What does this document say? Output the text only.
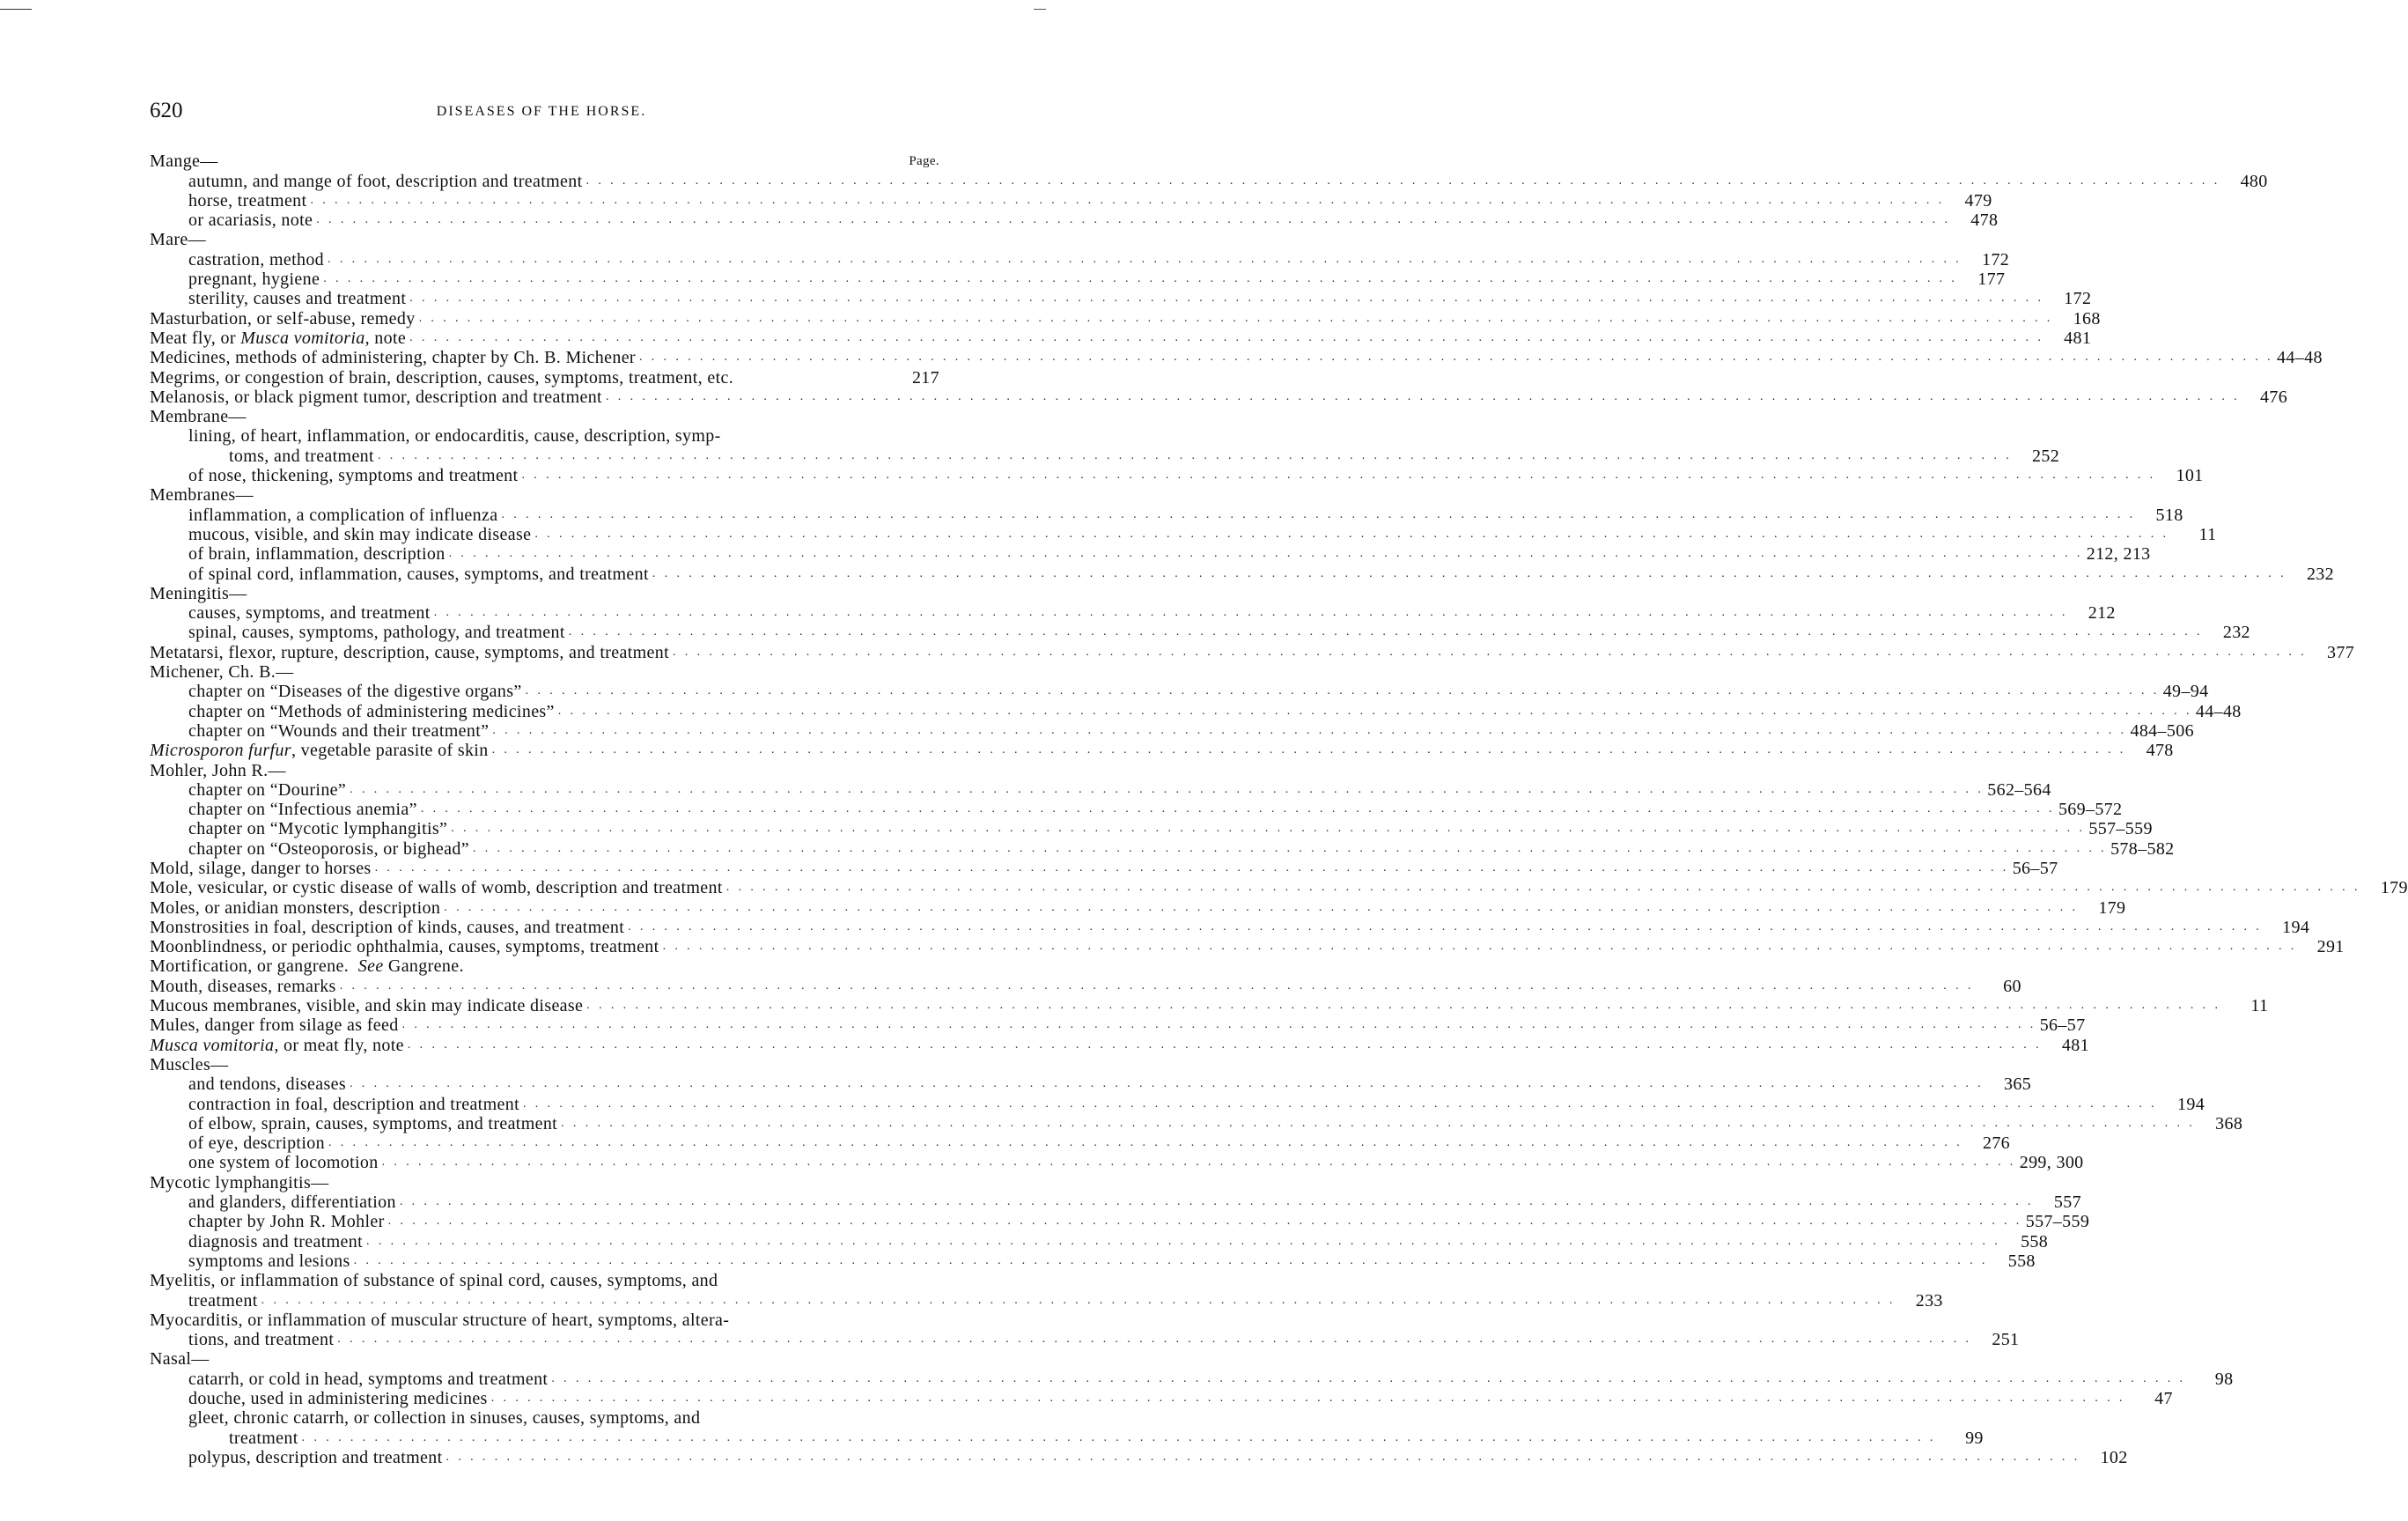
620	DISEASES OF THE HORSE.
Mange—	Page.
autumn, and mange of foot, description and treatment . . .	480
horse, treatment . . .	479
or acariasis, note . . .	478
Mare—
castration, method . . .	172
pregnant, hygiene . . .	177
sterility, causes and treatment . . .	172
Masturbation, or self-abuse, remedy . . .	168
Meat fly, or Musca vomitoria, note . . .	481
Medicines, methods of administering, chapter by Ch. B. Michener . . .	44–48
Megrims, or congestion of brain, description, causes, symptoms, treatment, etc.	217
Melanosis, or black pigment tumor, description and treatment . . .	476
Membrane—
lining, of heart, inflammation, or endocarditis, cause, description, symp-
toms, and treatment . . .	252
of nose, thickening, symptoms and treatment . . .	101
Membranes—
inflammation, a complication of influenza . . .	518
mucous, visible, and skin may indicate disease . . .	11
of brain, inflammation, description . . .	212, 213
of spinal cord, inflammation, causes, symptoms, and treatment . . .	232
Meningitis—
causes, symptoms, and treatment . . .	212
spinal, causes, symptoms, pathology, and treatment . . .	232
Metatarsi, flexor, rupture, description, cause, symptoms, and treatment . . .	377
Michener, Ch. B.—
chapter on “Diseases of the digestive organs” . . .	49–94
chapter on “Methods of administering medicines” . . .	44–48
chapter on “Wounds and their treatment” . . .	484–506
Microsporon furfur, vegetable parasite of skin . . .	478
Mohler, John R.—
chapter on “Dourine” . . .	562–564
chapter on “Infectious anemia” . . .	569–572
chapter on “Mycotic lymphangitis” . . .	557–559
chapter on “Osteoporosis, or bighead” . . .	578–582
Mold, silage, danger to horses . . .	56–57
Mole, vesicular, or cystic disease of walls of womb, description and treatment . . .	179
Moles, or anidian monsters, description . . .	179
Monstrosities in foal, description of kinds, causes, and treatment . . .	194
Moonblindness, or periodic ophthalmia, causes, symptoms, treatment . . .	291
Mortification, or gangrene.  See Gangrene.
Mouth, diseases, remarks . . .	60
Mucous membranes, visible, and skin may indicate disease . . .	11
Mules, danger from silage as feed . . .	56–57
Musca vomitoria, or meat fly, note . . .	481
Muscles—
and tendons, diseases . . .	365
contraction in foal, description and treatment . . .	194
of elbow, sprain, causes, symptoms, and treatment . . .	368
of eye, description . . .	276
one system of locomotion . . .	299, 300
Mycotic lymphangitis—
and glanders, differentiation . . .	557
chapter by John R. Mohler . . .	557–559
diagnosis and treatment . . .	558
symptoms and lesions . . .	558
Myelitis, or inflammation of substance of spinal cord, causes, symptoms, and
treatment . . .	233
Myocarditis, or inflammation of muscular structure of heart, symptoms, altera-
tions, and treatment . . .	251
Nasal—
catarrh, or cold in head, symptoms and treatment . . .	98
douche, used in administering medicines . . .	47
gleet, chronic catarrh, or collection in sinuses, causes, symptoms, and
treatment . . .	99
polypus, description and treatment . . .	102
